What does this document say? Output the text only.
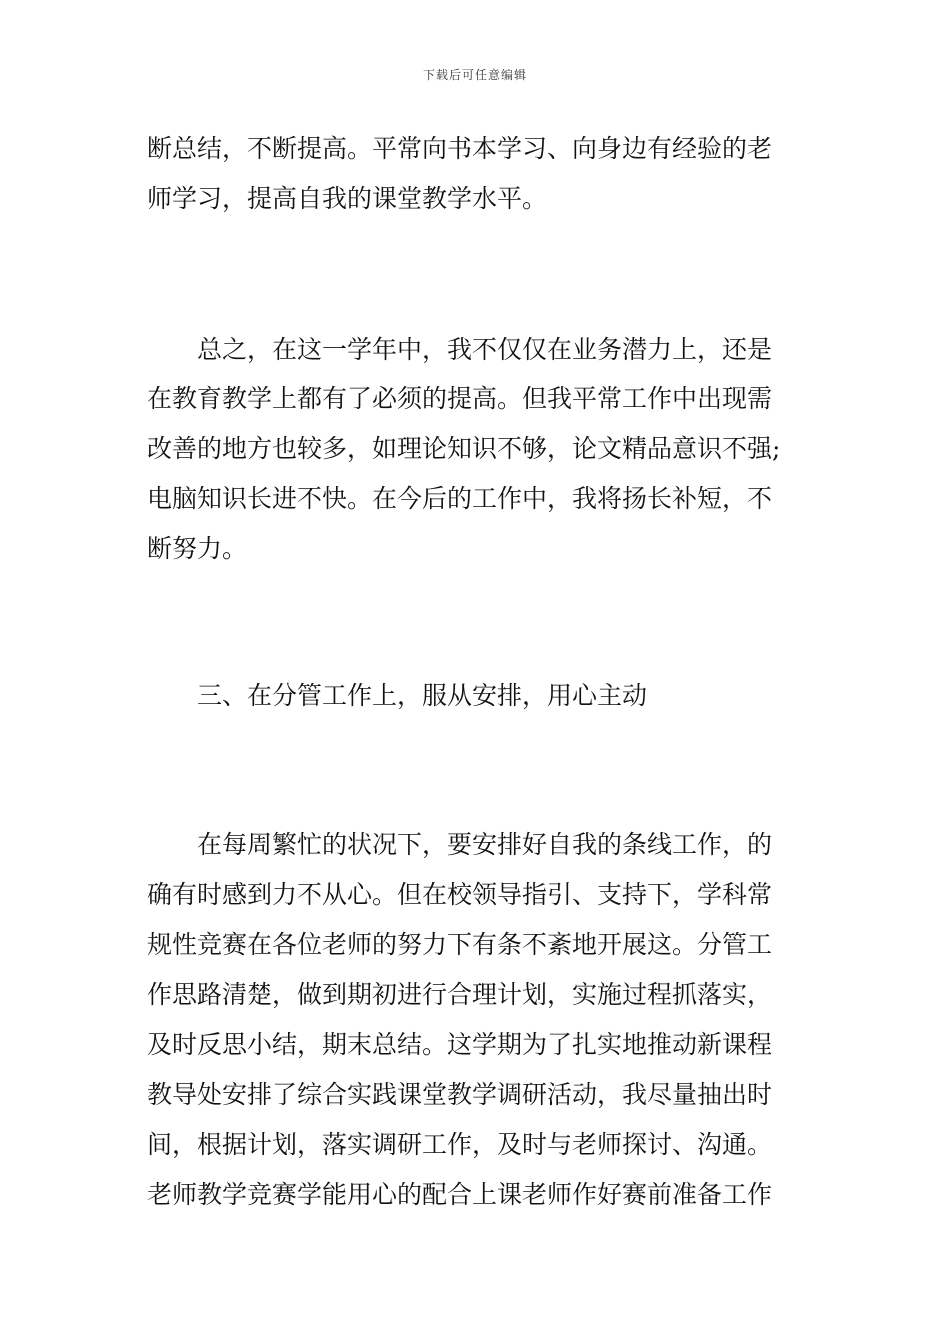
下载后可任意编辑
断总结，不断提高。平常向书本学习、向身边有经验的老
师学习，提高自我的课堂教学水平。
总之，在这一学年中，我不仅仅在业务潜力上，还是
在教育教学上都有了必须的提高。但我平常工作中出现需
改善的地方也较多，如理论知识不够，论文精品意识不强;
电脑知识长进不快。在今后的工作中，我将扬长补短，不
断努力。
三、在分管工作上，服从安排，用心主动
在每周繁忙的状况下，要安排好自我的条线工作，的
确有时感到力不从心。但在校领导指引、支持下，学科常
规性竞赛在各位老师的努力下有条不紊地开展这。分管工
作思路清楚，做到期初进行合理计划，实施过程抓落实，
及时反思小结，期末总结。这学期为了扎实地推动新课程
教导处安排了综合实践课堂教学调研活动，我尽量抽出时
间，根据计划，落实调研工作，及时与老师探讨、沟通。
老师教学竞赛学能用心的配合上课老师作好赛前准备工作
